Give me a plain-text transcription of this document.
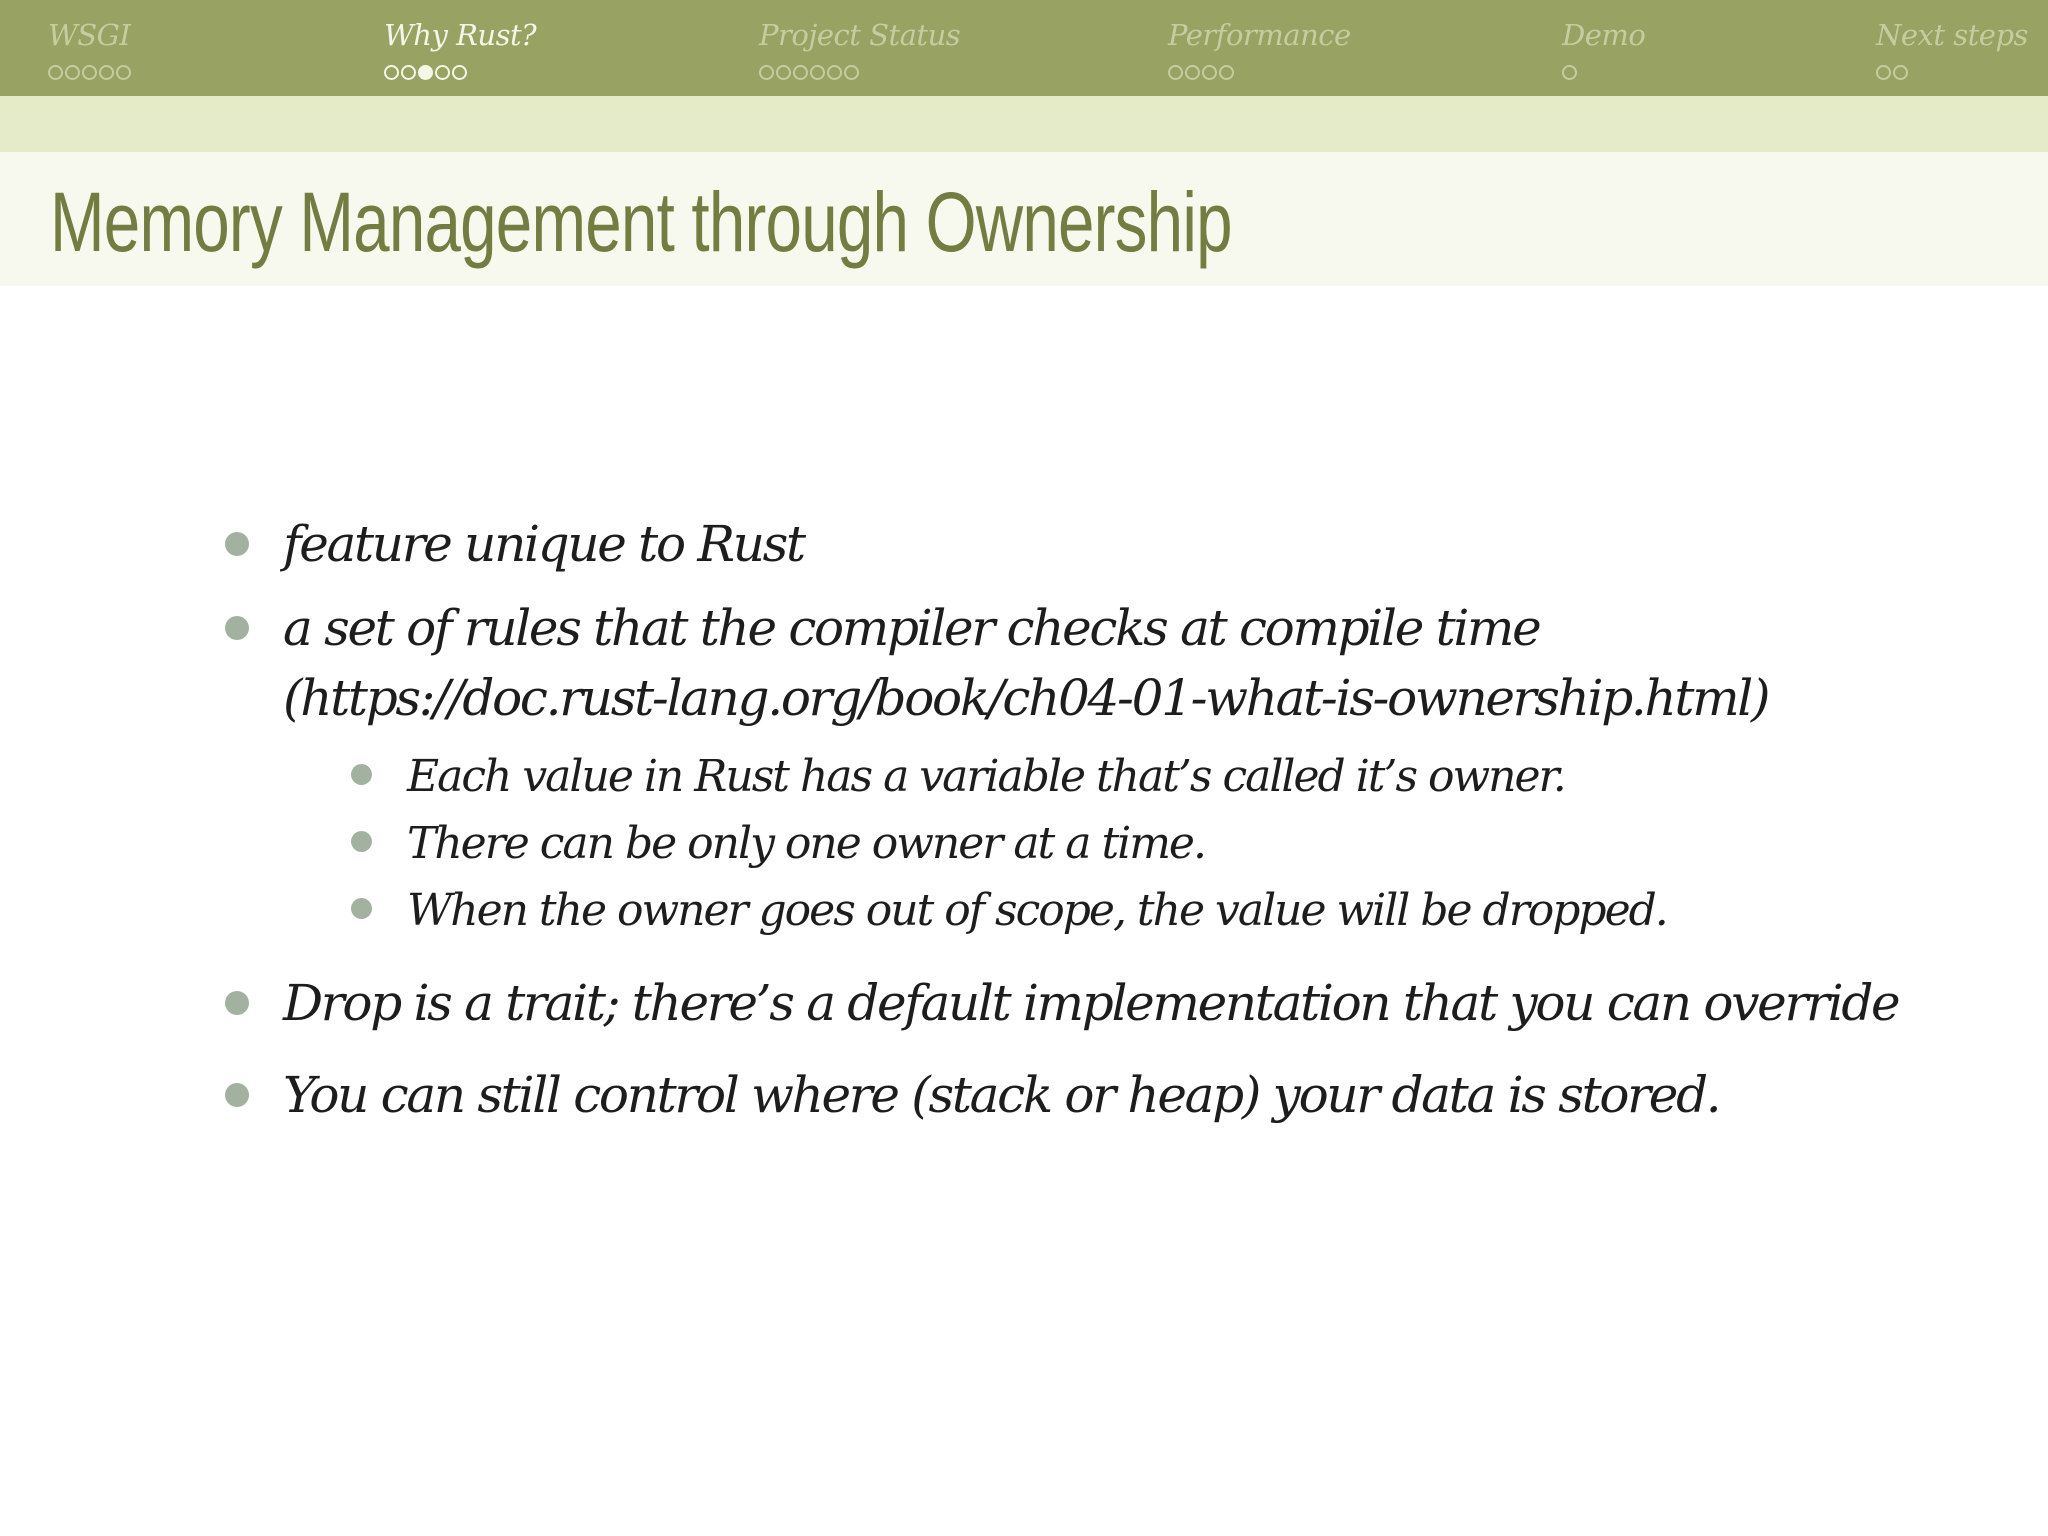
WSGI	Why Rust?	Project Status	Performance	Demo	Next steps
Memory Management through Ownership
feature unique to Rust
a set of rules that the compiler checks at compile time
(https://doc.rust-lang.org/book/ch04-01-what-is-ownership.html)
Each value in Rust has a variable that’s called it’s owner.
There can be only one owner at a time.
When the owner goes out of scope, the value will be dropped.
Drop is a trait; there’s a default implementation that you can override
You can still control where (stack or heap) your data is stored.
